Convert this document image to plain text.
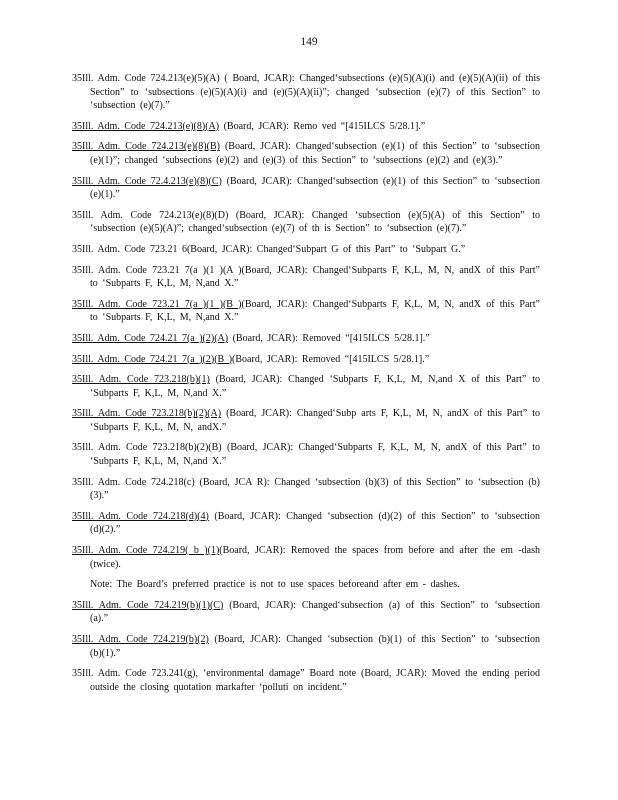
149

35Ill. Adm. Code 724.213(e)(5)(A) ( Board, JCAR): Changed‘subsections (e)(5)(A)(i) and (e)(5)(A)(ii) of this Section” to ‘subsections (e)(5)(A)(i) and (e)(5)(A)(ii)”; changed ‘subsection (e)(7) of this Section” to ‘subsection (e)(7).”

35Ill. Adm. Code 724.213(e)(8)(A) (Board, JCAR): Remo ved “[415ILCS 5/28.1].”

35Ill. Adm. Code 724.213(e)(8)(B) (Board, JCAR): Changed‘subsection (e)(1) of this Section” to ‘subsection (e)(1)”; changed ‘subsections (e)(2) and (e)(3) of this Section” to ‘subsections (e)(2) and (e)(3).”

35Ill. Adm. Code 72.4.213(e)(8)(C) (Board, JCAR): Changed‘subsection (e)(1) of this Section” to ‘subsection (e)(1).”

35Ill. Adm. Code 724.213(e)(8)(D) (Board, JCAR): Changed ‘subsection (e)(5)(A) of this Section” to ‘subsection (e)(5)(A)”; changed‘subsection (e)(7) of th is Section” to ‘subsection (e)(7).”

35Ill. Adm. Code 723.21 6(Board, JCAR): Changed‘Subpart G of this Part” to ‘Subpart G.”

35Ill. Adm. Code 723.21 7(a )(1 )(A )(Board, JCAR): Changed‘Subparts F, K,L, M, N, andX of this Part” to ‘Subparts F, K,L, M, N,and X.”

35Ill. Adm. Code 723.21 7(a )(1 )(B )(Board, JCAR): Changed‘Subparts F, K,L, M, N, andX of this Part” to ‘Subparts F, K,L, M, N,and X.”

35Ill. Adm. Code 724.21 7(a )(2)(A) (Board, JCAR): Removed “[415ILCS 5/28.1].”

35Ill. Adm. Code 724.21 7(a )(2)(B )(Board, JCAR): Removed “[415ILCS 5/28.1].”

35Ill. Adm. Code 723.218(b)(1) (Board, JCAR): Changed ‘Subparts F, K,L, M, N,and X of this Part” to ‘Subparts F, K,L, M, N,and X.”

35Ill. Adm. Code 723.218(b)(2)(A) (Board, JCAR): Changed‘Subp arts F, K,L, M, N, andX of this Part” to ‘Subparts F, K,L, M, N, andX.”

35Ill. Adm. Code 723.218(b)(2)(B) (Board, JCAR): Changed‘Subparts F, K,L, M, N, andX of this Part” to ‘Subparts F, K,L, M, N,and X.”

35Ill. Adm. Code 724.218(c) (Board, JCA R): Changed ‘subsection (b)(3) of this Section” to ‘subsection (b)(3).”

35Ill. Adm. Code 724.218(d)(4) (Board, JCAR): Changed ‘subsection (d)(2) of this Section” to ‘subsection (d)(2).”

35Ill. Adm. Code 724.219( b )(1)(Board, JCAR): Removed the spaces from before and after the em -dash (twice).

Note: The Board’s preferred practice is not to use spaces beforeand after em - dashes.

35Ill. Adm. Code 724.219(b)(1)(C) (Board, JCAR): Changed‘subsection (a) of this Section” to ‘subsection (a).”

35Ill. Adm. Code 724.219(b)(2) (Board, JCAR): Changed ‘subsection (b)(1) of this Section” to ‘subsection (b)(1).”

35Ill. Adm. Code 723.241(g), ‘environmental damage” Board note (Board, JCAR): Moved the ending period outside the closing quotation markafter ‘polluti on incident.”
